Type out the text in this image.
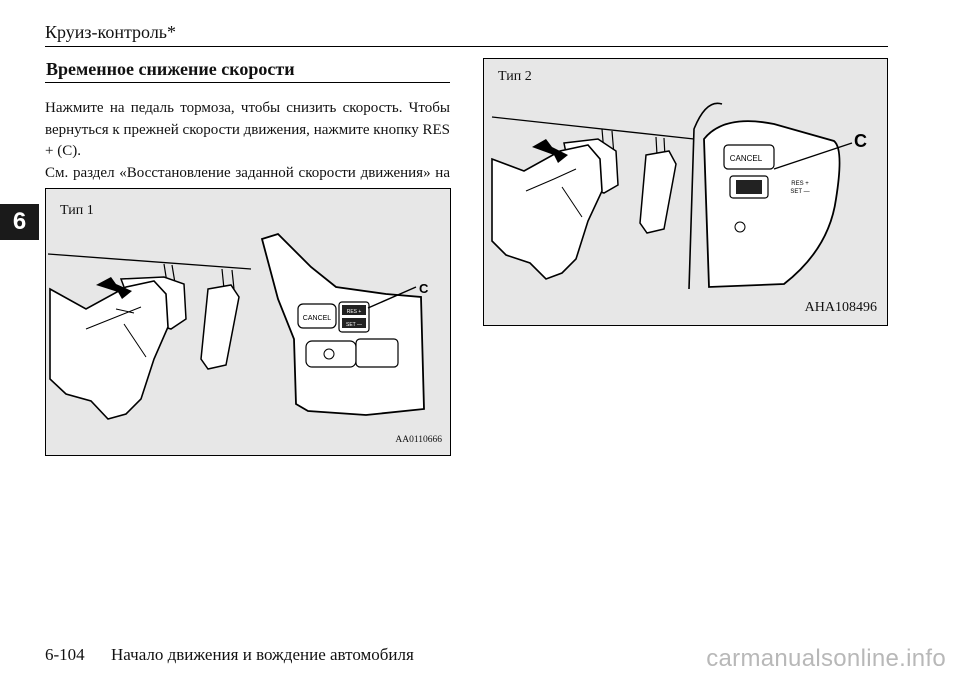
Круиз-контроль*
6
Временное снижение скорости

Нажмите на педаль тормоза, чтобы снизить скорость. Чтобы вернуться к прежней скорости движения, нажмите кнопку RES + (C).

См. раздел «Восстановление заданной скорости движения» на

CANCEL
RES +
SET —
C
Тип 1
AA0110666
CANCEL
RES +
SET —
C
Тип 2
AHA108496
6-104 Начало движения и вождение автомобиля	carmanualsonline.info
